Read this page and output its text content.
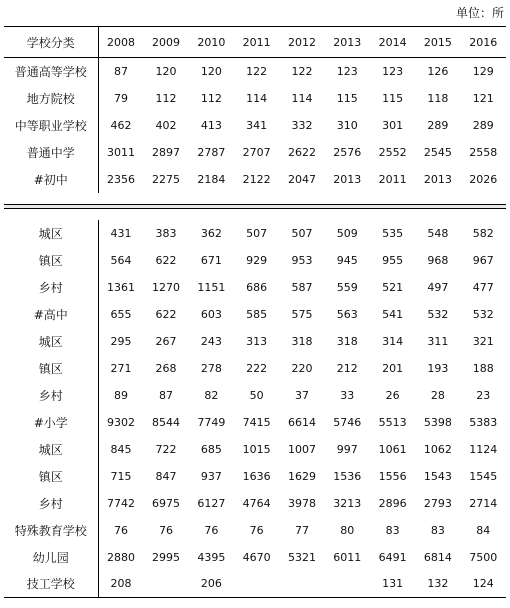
单位：所
学校分类	2008	2009	2010	2011	2012	2013	2014	2015	2016
普通高等学校	87	120	120	122	122	123	123	126	129
地方院校	79	112	112	114	114	115	115	118	121
中等职业学校	462	402	413	341	332	310	301	289	289
普通中学	3011	2897	2787	2707	2622	2576	2552	2545	2558
#初中	2356	2275	2184	2122	2047	2013	2011	2013	2026

城区	431	383	362	507	507	509	535	548	582
镇区	564	622	671	929	953	945	955	968	967
乡村	1361	1270	1151	686	587	559	521	497	477
#高中	655	622	603	585	575	563	541	532	532
城区	295	267	243	313	318	318	314	311	321
镇区	271	268	278	222	220	212	201	193	188
乡村	89	87	82	50	37	33	26	28	23
#小学	9302	8544	7749	7415	6614	5746	5513	5398	5383
城区	845	722	685	1015	1007	997	1061	1062	1124
镇区	715	847	937	1636	1629	1536	1556	1543	1545
乡村	7742	6975	6127	4764	3978	3213	2896	2793	2714
特殊教育学校	76	76	76	76	77	80	83	83	84
幼儿园	2880	2995	4395	4670	5321	6011	6491	6814	7500
技工学校	208		206				131	132	124
